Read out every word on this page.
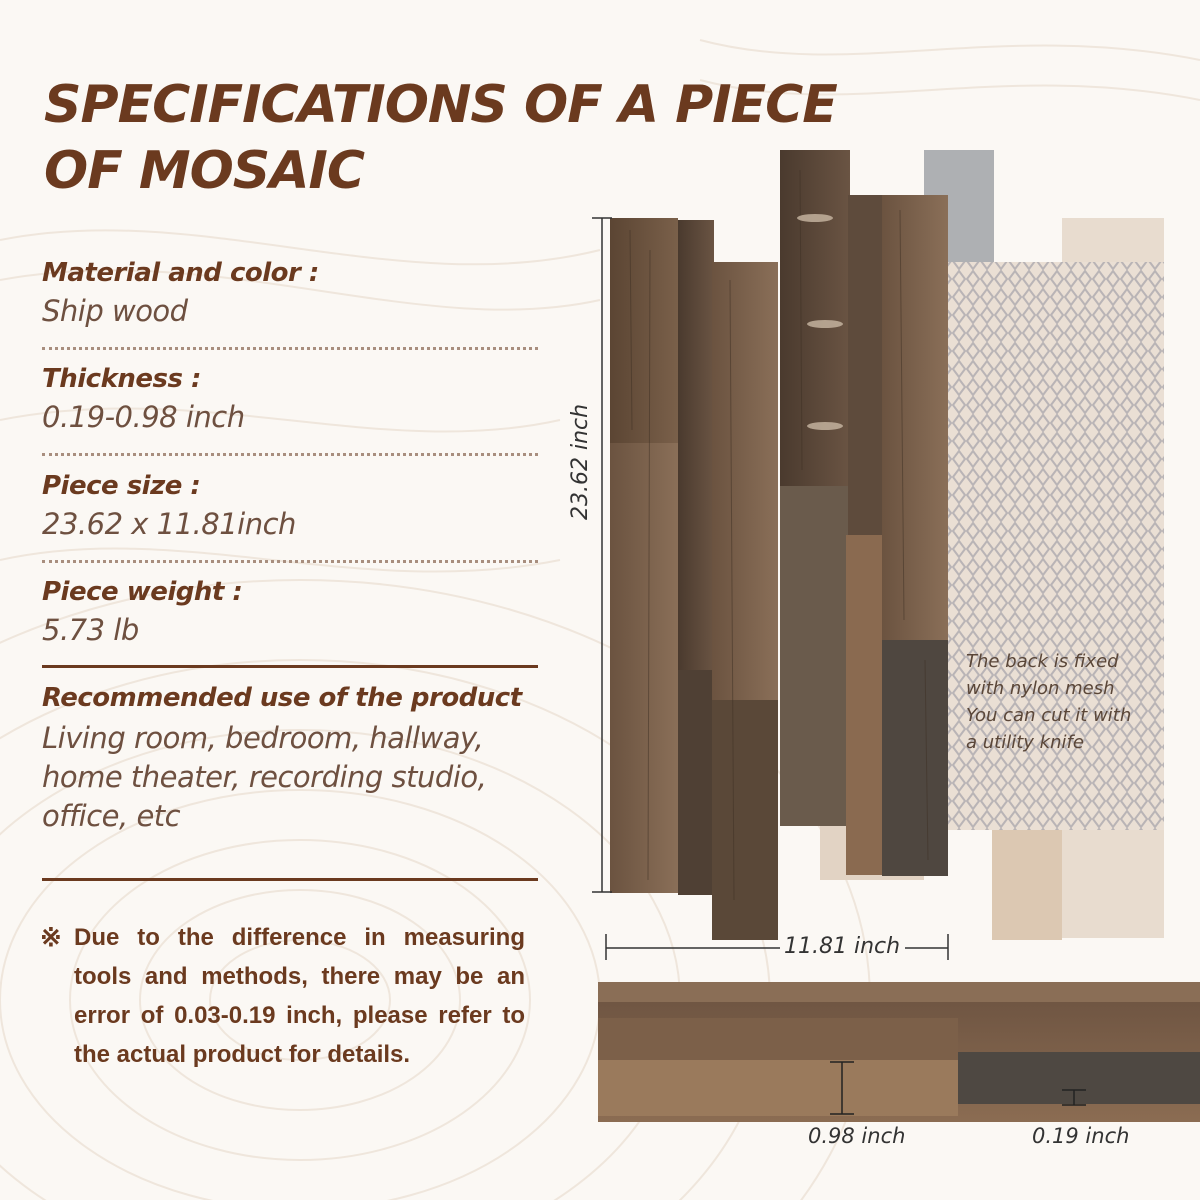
SPECIFICATIONS OF A PIECE OF MOSAIC
Material and color :
Ship wood
Thickness :
0.19-0.98 inch
Piece size :
23.62 x 11.81inch
Piece weight :
5.73 lb
Recommended use of the product
Living room, bedroom, hallway,
home theater, recording studio,
office, etc
※ Due to the difference in measuring tools and methods, there may be an error of 0.03-0.19 inch, please refer to the actual product for details.
23.62 inch
11.81 inch
The back is fixed
with nylon mesh
You can cut it with
a utility knife
0.98 inch	0.19 inch
